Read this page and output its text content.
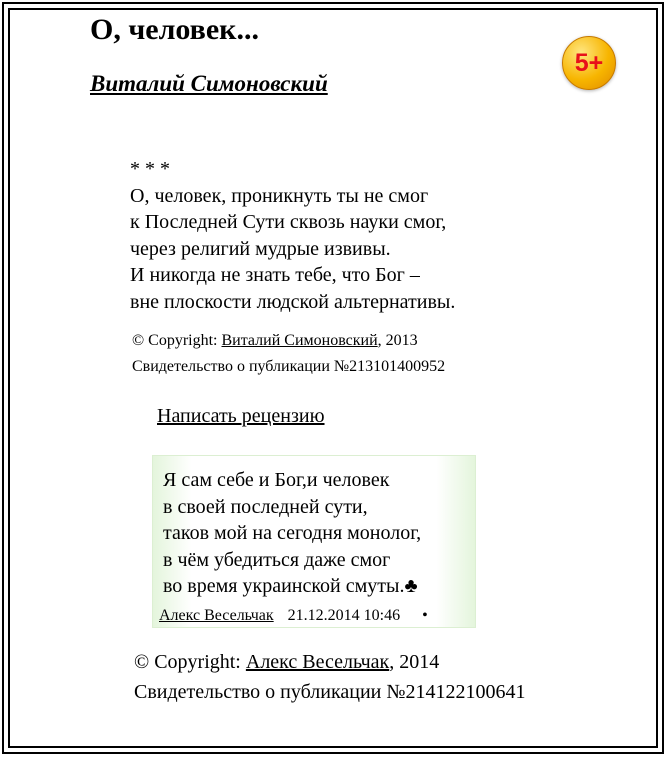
О, человек...
Виталий Симоновский
5+
* * *
О, человек, проникнуть ты не смог
к Последней Сути сквозь науки смог,
через религий мудрые извивы.
И никогда не знать тебе, что Бог –
вне плоскости людской альтернативы.
© Copyright: Виталий Симоновский, 2013
Свидетельство о публикации №213101400952
Написать рецензию
Я сам себе и Бог,и человек
в своей последней сути,
таков мой на сегодня монолог,
в чём убедиться даже смог
во время украинской смуты.♣
Алекс Весельчак 21.12.2014 10:46 •
© Copyright: Алекс Весельчак, 2014
Свидетельство о публикации №214122100641
